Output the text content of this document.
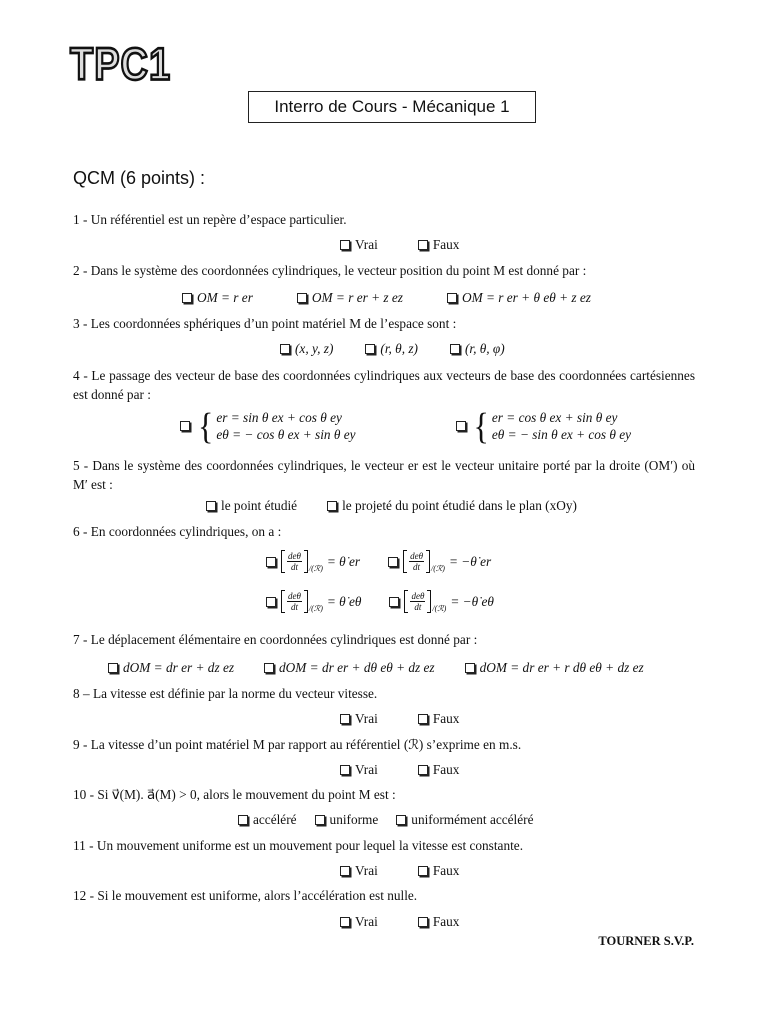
TPC1
Interro de Cours - Mécanique 1
QCM (6 points) :
1 - Un référentiel est un repère d’espace particulier.
Vrai	Faux
2 - Dans le système des coordonnées cylindriques, le vecteur position du point M est donné par :
OM = r er	OM = r er + z ez	OM = r er + θ eθ + z ez
3 - Les coordonnées sphériques d’un point matériel M de l’espace sont :
(x, y, z)	(r, θ, z)	(r, θ, φ)
4 - Le passage des vecteur de base des coordonnées cylindriques aux vecteurs de base des coordonnées cartésiennes est donné par :
{ er = sin θ ex + cos θ ey
eθ = − cos θ ex + sin θ ey	{ er = cos θ ex + sin θ ey
eθ = − sin θ ex + cos θ ey
5 - Dans le système des coordonnées cylindriques, le vecteur er est le vecteur unitaire porté par la droite (OM′) où M′ est :
le point étudié	le projeté du point étudié dans le plan (xOy)
6 - En coordonnées cylindriques, on a :
$\frac{\text{deθ}}{dt}$ /(ℛ) = θ̇ er	$\frac{\text{deθ}}{dt}$ /(ℛ) = −θ̇ er
$\frac{\text{deθ}}{dt}$ /(ℛ) = θ̇ eθ	$\frac{\text{deθ}}{dt}$ /(ℛ) = −θ̇ eθ
7 - Le déplacement élémentaire en coordonnées cylindriques est donné par :
dOM = dr er + dz ez	dOM = dr er + dθ eθ + dz ez	dOM = dr er + r dθ eθ + dz ez
8 – La vitesse est définie par la norme du vecteur vitesse.
Vrai	Faux
9 - La vitesse d’un point matériel M par rapport au référentiel (ℛ) s’exprime en m.s.
Vrai	Faux
10 - Si v⃗(M). a⃗(M) > 0, alors le mouvement du point M est :
accéléré uniforme uniformément accéléré
11 - Un mouvement uniforme est un mouvement pour lequel la vitesse est constante.
Vrai	Faux
12 - Si le mouvement est uniforme, alors l’accélération est nulle.
Vrai	Faux
TOURNER S.V.P.
